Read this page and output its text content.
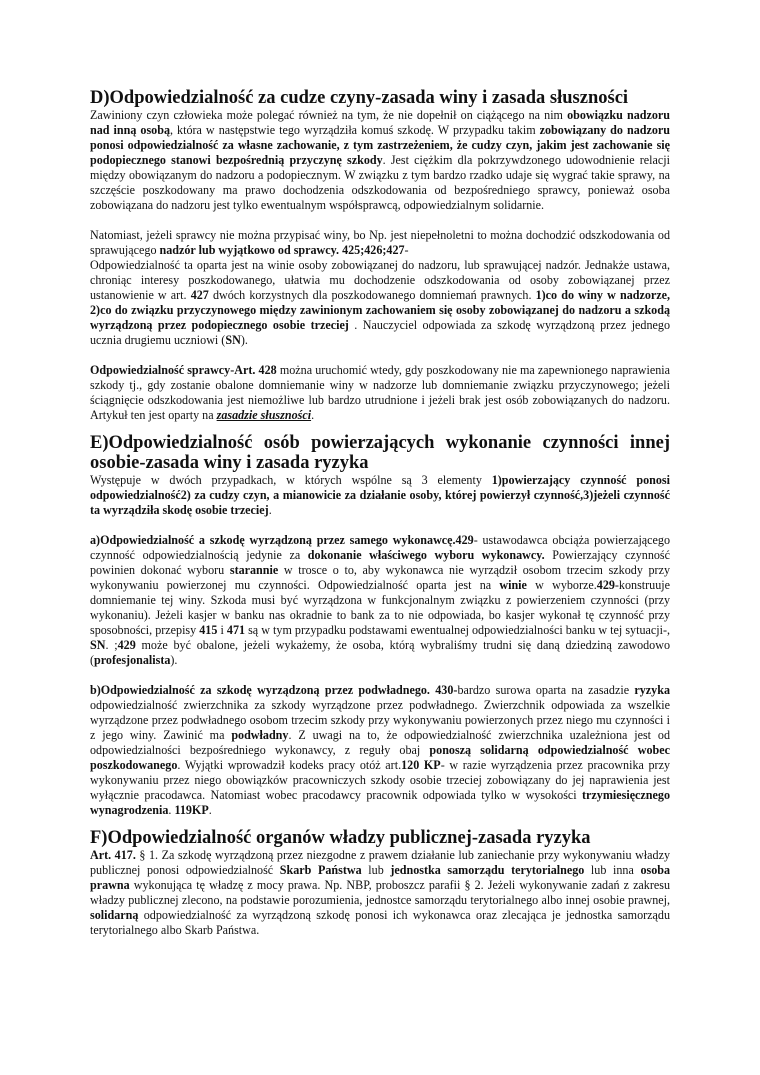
D)Odpowiedzialność za cudze czyny-zasada winy i zasada słuszności

Zawiniony czyn człowieka może polegać również na tym, że nie dopełnił on ciążącego na nim obowiązku nadzoru nad inną osobą, która w następstwie tego wyrządziła komuś szkodę. W przypadku takim zobowiązany do nadzoru ponosi odpowiedzialność za własne zachowanie, z tym zastrzeżeniem, że cudzy czyn, jakim jest zachowanie się podopiecznego stanowi bezpośrednią przyczynę szkody. Jest ciężkim dla pokrzywdzonego udowodnienie relacji między obowiązanym do nadzoru a podopiecznym. W związku z tym bardzo rzadko udaje się wygrać takie sprawy, na szczęście poszkodowany ma prawo dochodzenia odszkodowania od bezpośredniego sprawcy, ponieważ osoba zobowiązana do nadzoru jest tylko ewentualnym współsprawcą, odpowiedzialnym solidarnie.

Natomiast, jeżeli sprawcy nie można przypisać winy, bo Np. jest niepełnoletni to można dochodzić odszkodowania od sprawującego nadzór lub wyjątkowo od sprawcy. 425;426;427-

Odpowiedzialność ta oparta jest na winie osoby zobowiązanej do nadzoru, lub sprawującej nadzór. Jednakże ustawa, chroniąc interesy poszkodowanego, ułatwia mu dochodzenie odszkodowania od osoby zobowiązanej przez ustanowienie w art. 427 dwóch korzystnych dla poszkodowanego domniemań prawnych. 1)co do winy w nadzorze, 2)co do związku przyczynowego między zawinionym zachowaniem się osoby zobowiązanej do nadzoru a szkodą wyrządzoną przez podopiecznego osobie trzeciej . Nauczyciel odpowiada za szkodę wyrządzoną przez jednego ucznia drugiemu uczniowi (SN).

Odpowiedzialność sprawcy-Art. 428 można uruchomić wtedy, gdy poszkodowany nie ma zapewnionego naprawienia szkody tj., gdy zostanie obalone domniemanie winy w nadzorze lub domniemanie związku przyczynowego; jeżeli ściągnięcie odszkodowania jest niemożliwe lub bardzo utrudnione i jeżeli brak jest osób zobowiązanych do nadzoru. Artykuł ten jest oparty na zasadzie słuszności.

E)Odpowiedzialność osób powierzających wykonanie czynności innej osobie-zasada winy i zasada ryzyka

Występuje w dwóch przypadkach, w których wspólne są 3 elementy 1)powierzający czynność ponosi odpowiedzialność2) za cudzy czyn, a mianowicie za działanie osoby, której powierzył czynność,3)jeżeli czynność ta wyrządziła skodę osobie trzeciej.

a)Odpowiedzialność a szkodę wyrządzoną przez samego wykonawcę.429- ustawodawca obciąża powierzającego czynność odpowiedzialnością jedynie za dokonanie właściwego wyboru wykonawcy. Powierzający czynność powinien dokonać wyboru starannie w trosce o to, aby wykonawca nie wyrządził osobom trzecim szkody przy wykonywaniu powierzonej mu czynności. Odpowiedzialność oparta jest na winie w wyborze.429-konstruuje domniemanie tej winy. Szkoda musi być wyrządzona w funkcjonalnym związku z powierzeniem czynności (przy wykonaniu). Jeżeli kasjer w banku nas okradnie to bank za to nie odpowiada, bo kasjer wykonał tę czynność przy sposobności, przepisy 415 i 471 są w tym przypadku podstawami ewentualnej odpowiedzialności banku w tej sytuacji-, SN. ;429 może być obalone, jeżeli wykażemy, że osoba, którą wybraliśmy trudni się daną dziedziną zawodowo (profesjonalista).

b)Odpowiedzialność za szkodę wyrządzoną przez podwładnego. 430-bardzo surowa oparta na zasadzie ryzyka odpowiedzialność zwierzchnika za szkody wyrządzone przez podwładnego. Zwierzchnik odpowiada za wszelkie wyrządzone przez podwładnego osobom trzecim szkody przy wykonywaniu powierzonych przez niego mu czynności i z jego winy. Zawinić ma podwładny. Z uwagi na to, że odpowiedzialność zwierzchnika uzależniona jest od odpowiedzialności bezpośredniego wykonawcy, z reguły obaj ponoszą solidarną odpowiedzialność wobec poszkodowanego. Wyjątki wprowadził kodeks pracy otóż art.120 KP- w razie wyrządzenia przez pracownika przy wykonywaniu przez niego obowiązków pracowniczych szkody osobie trzeciej zobowiązany do jej naprawienia jest wyłącznie pracodawca. Natomiast wobec pracodawcy pracownik odpowiada tylko w wysokości trzymiesięcznego wynagrodzenia. 119KP.

F)Odpowiedzialność organów władzy publicznej-zasada ryzyka

Art. 417. § 1. Za szkodę wyrządzoną przez niezgodne z prawem działanie lub zaniechanie przy wykonywaniu władzy publicznej ponosi odpowiedzialność Skarb Państwa lub jednostka samorządu terytorialnego lub inna osoba prawna wykonująca tę władzę z mocy prawa. Np. NBP, proboszcz parafii § 2. Jeżeli wykonywanie zadań z zakresu władzy publicznej zlecono, na podstawie porozumienia, jednostce samorządu terytorialnego albo innej osobie prawnej, solidarną odpowiedzialność za wyrządzoną szkodę ponosi ich wykonawca oraz zlecająca je jednostka samorządu terytorialnego albo Skarb Państwa.
